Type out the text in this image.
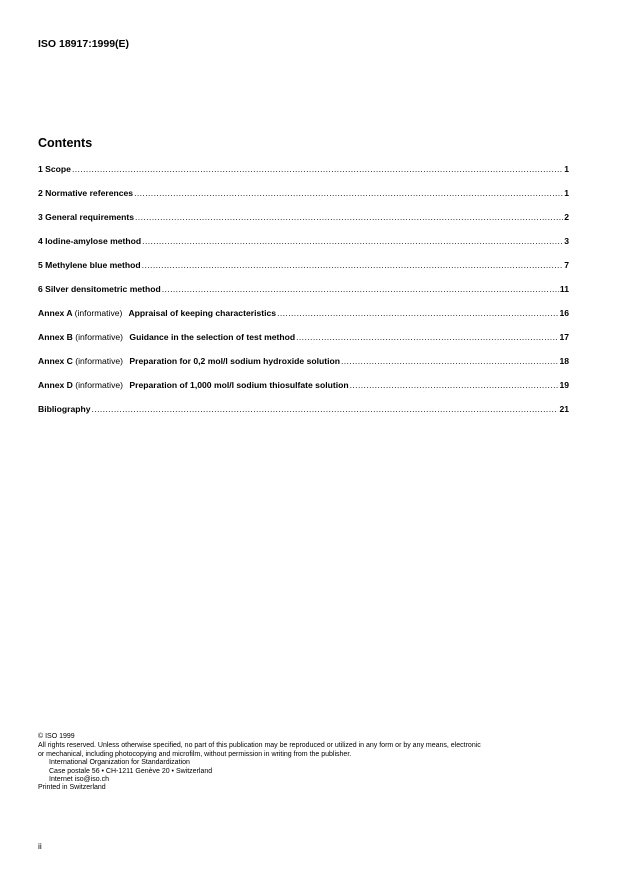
ISO 18917:1999(E)
Contents
1 Scope .....	1
2 Normative references .....	1
3 General requirements .....	2
4 Iodine-amylose method .....	3
5 Methylene blue method .....	7
6 Silver densitometric method .....	11
Annex A (informative) Appraisal of keeping characteristics .....	16
Annex B (informative) Guidance in the selection of test method .....	17
Annex C (informative) Preparation for 0,2 mol/l sodium hydroxide solution .....	18
Annex D (informative) Preparation of 1,000 mol/l sodium thiosulfate solution .....	19
Bibliography .....	21
© ISO 1999
All rights reserved. Unless otherwise specified, no part of this publication may be reproduced or utilized in any form or by any means, electronic
or mechanical, including photocopying and microfilm, without permission in writing from the publisher.
International Organization for Standardization
Case postale 56 • CH-1211 Genève 20 • Switzerland
Internet iso@iso.ch
Printed in Switzerland
ii
